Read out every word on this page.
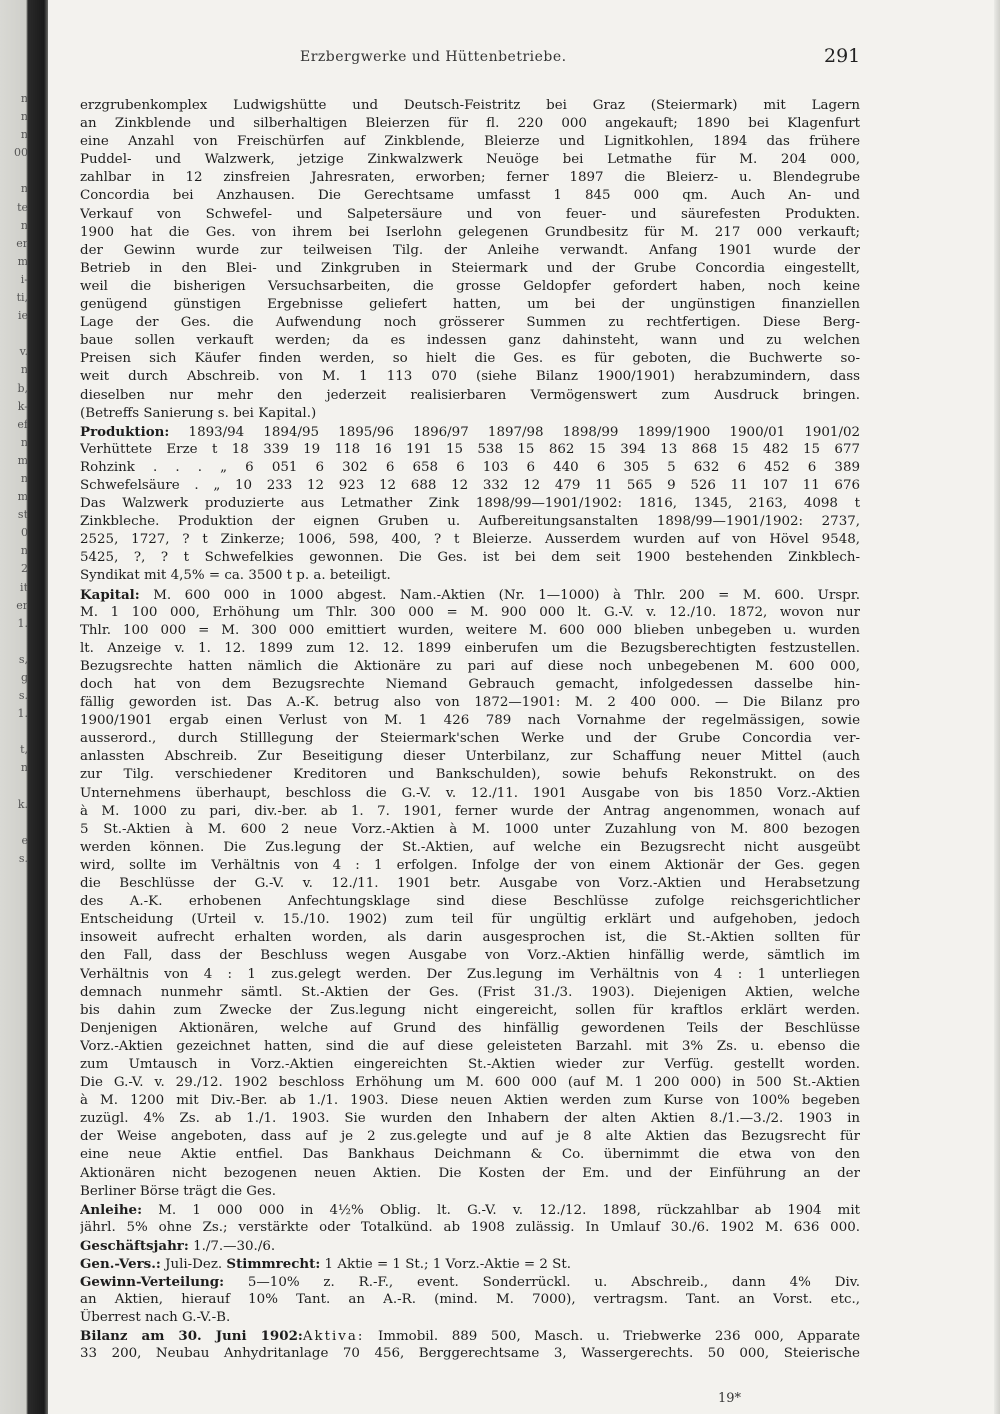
n
n
n
00
n
te
n
er
m
i-
ti,
ie
v.
n
b,
k-
ef
n
m
n
m
st
0
n
2
it
er
1.
s,
g
s.
1.
t,
n
k.
e
s.
Erzbergwerke und Hüttenbetriebe.	291
erzgrubenkomplex Ludwigshütte und Deutsch-Feistritz bei Graz (Steiermark) mit Lagern
an Zinkblende und silberhaltigen Bleierzen für fl. 220 000 angekauft; 1890 bei Klagenfurt
eine Anzahl von Freischürfen auf Zinkblende, Bleierze und Lignitkohlen, 1894 das frühere
Puddel- und Walzwerk, jetzige Zinkwalzwerk Neuöge bei Letmathe für M. 204 000,
zahlbar in 12 zinsfreien Jahresraten, erworben; ferner 1897 die Bleierz- u. Blendegrube
Concordia bei Anzhausen. Die Gerechtsame umfasst 1 845 000 qm. Auch An- und
Verkauf von Schwefel- und Salpetersäure und von feuer- und säurefesten Produkten.
1900 hat die Ges. von ihrem bei Iserlohn gelegenen Grundbesitz für M. 217 000 verkauft;
der Gewinn wurde zur teilweisen Tilg. der Anleihe verwandt. Anfang 1901 wurde der
Betrieb in den Blei- und Zinkgruben in Steiermark und der Grube Concordia eingestellt,
weil die bisherigen Versuchsarbeiten, die grosse Geldopfer gefordert haben, noch keine
genügend günstigen Ergebnisse geliefert hatten, um bei der ungünstigen finanziellen
Lage der Ges. die Aufwendung noch grösserer Summen zu rechtfertigen. Diese Berg-
baue sollen verkauft werden; da es indessen ganz dahinsteht, wann und zu welchen
Preisen sich Käufer finden werden, so hielt die Ges. es für geboten, die Buchwerte so-
weit durch Abschreib. von M. 1 113 070 (siehe Bilanz 1900/1901) herabzumindern, dass
dieselben nur mehr den jederzeit realisierbaren Vermögenswert zum Ausdruck bringen.
(Betreffs Sanierung s. bei Kapital.)
Produktion: 1893/94 1894/95 1895/96 1896/97 1897/98 1898/99 1899/1900 1900/01 1901/02
Verhüttete Erze t 18 339 19 118 16 191 15 538 15 862 15 394 13 868 15 482 15 677
Rohzink . . . „ 6 051 6 302 6 658 6 103 6 440 6 305 5 632 6 452 6 389
Schwefelsäure . „ 10 233 12 923 12 688 12 332 12 479 11 565 9 526 11 107 11 676
Das Walzwerk produzierte aus Letmather Zink 1898/99—1901/1902: 1816, 1345, 2163, 4098 t
Zinkbleche. Produktion der eignen Gruben u. Aufbereitungsanstalten 1898/99—1901/1902: 2737,
2525, 1727, ? t Zinkerze; 1006, 598, 400, ? t Bleierze. Ausserdem wurden auf von Hövel 9548,
5425, ?, ? t Schwefelkies gewonnen. Die Ges. ist bei dem seit 1900 bestehenden Zinkblech-
Syndikat mit 4,5% = ca. 3500 t p. a. beteiligt.
Kapital: M. 600 000 in 1000 abgest. Nam.-Aktien (Nr. 1—1000) à Thlr. 200 = M. 600. Urspr.
M. 1 100 000, Erhöhung um Thlr. 300 000 = M. 900 000 lt. G.-V. v. 12./10. 1872, wovon nur
Thlr. 100 000 = M. 300 000 emittiert wurden, weitere M. 600 000 blieben unbegeben u. wurden
lt. Anzeige v. 1. 12. 1899 zum 12. 12. 1899 einberufen um die Bezugsberechtigten festzustellen.
Bezugsrechte hatten nämlich die Aktionäre zu pari auf diese noch unbegebenen M. 600 000,
doch hat von dem Bezugsrechte Niemand Gebrauch gemacht, infolgedessen dasselbe hin-
fällig geworden ist. Das A.-K. betrug also von 1872—1901: M. 2 400 000. — Die Bilanz pro
1900/1901 ergab einen Verlust von M. 1 426 789 nach Vornahme der regelmässigen, sowie
ausserord., durch Stilllegung der Steiermark'schen Werke und der Grube Concordia ver-
anlassten Abschreib. Zur Beseitigung dieser Unterbilanz, zur Schaffung neuer Mittel (auch
zur Tilg. verschiedener Kreditoren und Bankschulden), sowie behufs Rekonstrukt. on des
Unternehmens überhaupt, beschloss die G.-V. v. 12./11. 1901 Ausgabe von bis 1850 Vorz.-Aktien
à M. 1000 zu pari, div.-ber. ab 1. 7. 1901, ferner wurde der Antrag angenommen, wonach auf
5 St.-Aktien à M. 600 2 neue Vorz.-Aktien à M. 1000 unter Zuzahlung von M. 800 bezogen
werden können. Die Zus.legung der St.-Aktien, auf welche ein Bezugsrecht nicht ausgeübt
wird, sollte im Verhältnis von 4 : 1 erfolgen. Infolge der von einem Aktionär der Ges. gegen
die Beschlüsse der G.-V. v. 12./11. 1901 betr. Ausgabe von Vorz.-Aktien und Herabsetzung
des A.-K. erhobenen Anfechtungsklage sind diese Beschlüsse zufolge reichsgerichtlicher
Entscheidung (Urteil v. 15./10. 1902) zum teil für ungültig erklärt und aufgehoben, jedoch
insoweit aufrecht erhalten worden, als darin ausgesprochen ist, die St.-Aktien sollten für
den Fall, dass der Beschluss wegen Ausgabe von Vorz.-Aktien hinfällig werde, sämtlich im
Verhältnis von 4 : 1 zus.gelegt werden. Der Zus.legung im Verhältnis von 4 : 1 unterliegen
demnach nunmehr sämtl. St.-Aktien der Ges. (Frist 31./3. 1903). Diejenigen Aktien, welche
bis dahin zum Zwecke der Zus.legung nicht eingereicht, sollen für kraftlos erklärt werden.
Denjenigen Aktionären, welche auf Grund des hinfällig gewordenen Teils der Beschlüsse
Vorz.-Aktien gezeichnet hatten, sind die auf diese geleisteten Barzahl. mit 3% Zs. u. ebenso die
zum Umtausch in Vorz.-Aktien eingereichten St.-Aktien wieder zur Verfüg. gestellt worden.
Die G.-V. v. 29./12. 1902 beschloss Erhöhung um M. 600 000 (auf M. 1 200 000) in 500 St.-Aktien
à M. 1200 mit Div.-Ber. ab 1./1. 1903. Diese neuen Aktien werden zum Kurse von 100% begeben
zuzügl. 4% Zs. ab 1./1. 1903. Sie wurden den Inhabern der alten Aktien 8./1.—3./2. 1903 in
der Weise angeboten, dass auf je 2 zus.gelegte und auf je 8 alte Aktien das Bezugsrecht für
eine neue Aktie entfiel. Das Bankhaus Deichmann & Co. übernimmt die etwa von den
Aktionären nicht bezogenen neuen Aktien. Die Kosten der Em. und der Einführung an der
Berliner Börse trägt die Ges.
Anleihe: M. 1 000 000 in 4½% Oblig. lt. G.-V. v. 12./12. 1898, rückzahlbar ab 1904 mit
jährl. 5% ohne Zs.; verstärkte oder Totalkünd. ab 1908 zulässig. In Umlauf 30./6. 1902 M. 636 000.
Geschäftsjahr: 1./7.—30./6.
Gen.-Vers.: Juli-Dez. Stimmrecht: 1 Aktie = 1 St.; 1 Vorz.-Aktie = 2 St.
Gewinn-Verteilung: 5—10% z. R.-F., event. Sonderrückl. u. Abschreib., dann 4% Div.
an Aktien, hierauf 10% Tant. an A.-R. (mind. M. 7000), vertragsm. Tant. an Vorst. etc.,
Überrest nach G.-V.-B.
Bilanz am 30. Juni 1902:Aktiva: Immobil. 889 500, Masch. u. Triebwerke 236 000, Apparate
33 200, Neubau Anhydritanlage 70 456, Berggerechtsame 3, Wassergerechts. 50 000, Steierische
19*
